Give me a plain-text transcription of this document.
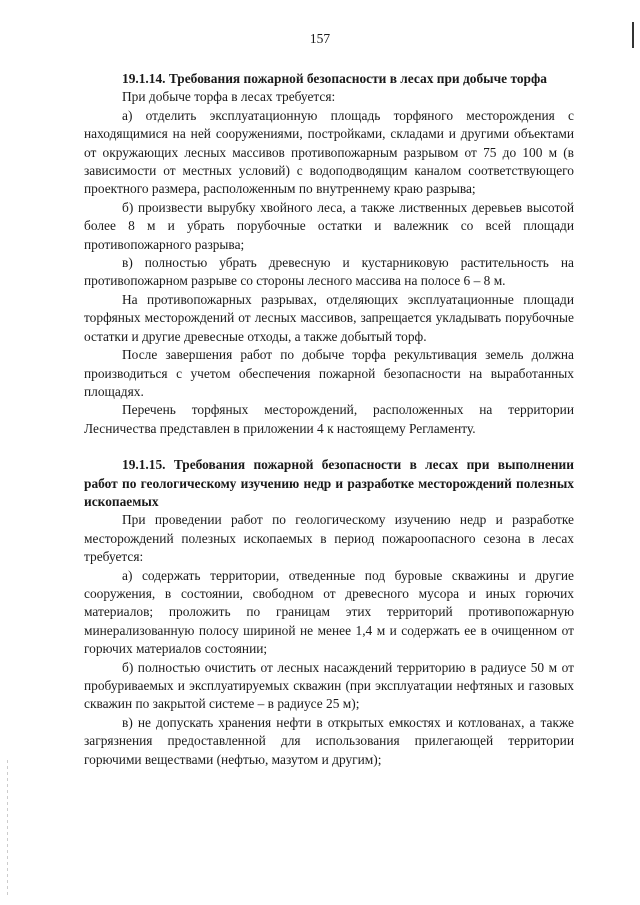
157

19.1.14. Требования пожарной безопасности в лесах при добыче торфа

При добыче торфа в лесах требуется:

а) отделить эксплуатационную площадь торфяного месторождения с находящимися на ней сооружениями, постройками, складами и другими объектами от окружающих лесных массивов противопожарным разрывом от 75 до 100 м (в зависимости от местных условий) с водоподводящим каналом соответствующего проектного размера, расположенным по внутреннему краю разрыва;

б) произвести вырубку хвойного леса, а также лиственных деревьев высотой более 8 м и убрать порубочные остатки и валежник со всей площади противопожарного разрыва;

в) полностью убрать древесную и кустарниковую растительность на противопожарном разрыве со стороны лесного массива на полосе 6 – 8 м.

На противопожарных разрывах, отделяющих эксплуатационные площади торфяных месторождений от лесных массивов, запрещается укладывать порубочные остатки и другие древесные отходы, а также добытый торф.

После завершения работ по добыче торфа рекультивация земель должна производиться с учетом обеспечения пожарной безопасности на выработанных площадях.

Перечень торфяных месторождений, расположенных на территории Лесничества представлен в приложении 4 к настоящему Регламенту.

19.1.15. Требования пожарной безопасности в лесах при выполнении работ по геологическому изучению недр и разработке месторождений полезных ископаемых

При проведении работ по геологическому изучению недр и разработке месторождений полезных ископаемых в период пожароопасного сезона в лесах требуется:

а) содержать территории, отведенные под буровые скважины и другие сооружения, в состоянии, свободном от древесного мусора и иных горючих материалов; проложить по границам этих территорий противопожарную минерализованную полосу шириной не менее 1,4 м и содержать ее в очищенном от горючих материалов состоянии;

б) полностью очистить от лесных насаждений территорию в радиусе 50 м от пробуриваемых и эксплуатируемых скважин (при эксплуатации нефтяных и газовых скважин по закрытой системе – в радиусе 25 м);

в) не допускать хранения нефти в открытых емкостях и котлованах, а также загрязнения предоставленной для использования прилегающей территории горючими веществами (нефтью, мазутом и другим);
